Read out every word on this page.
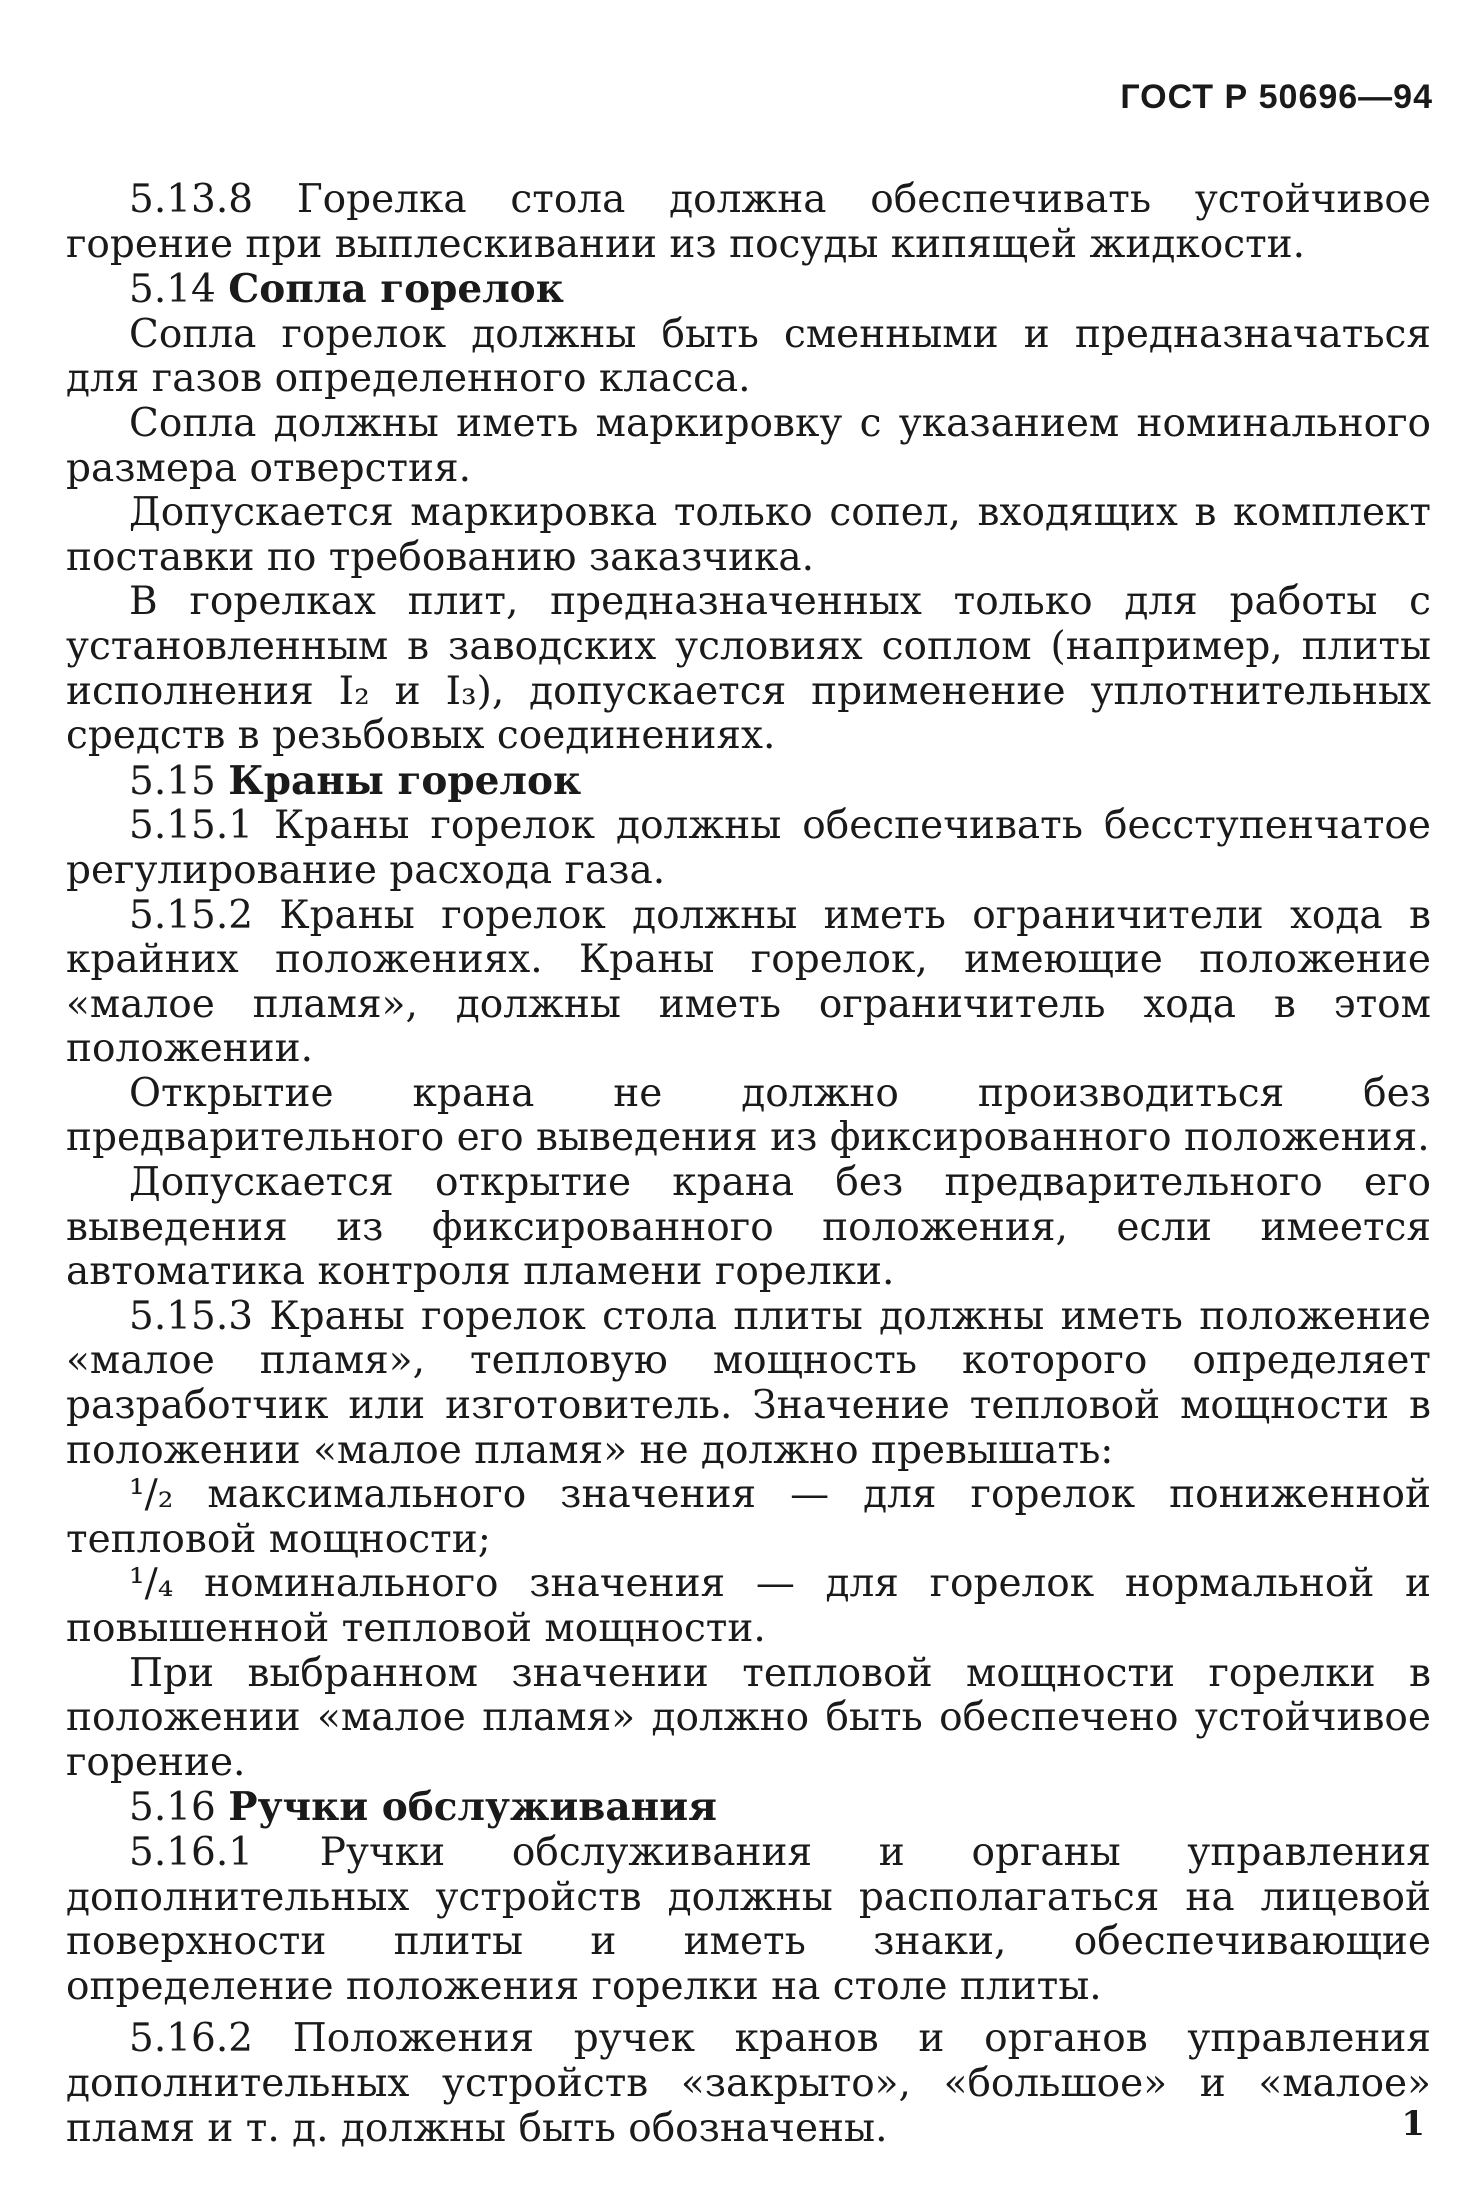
ГОСТ Р 50696—94

5.13.8 Горелка стола должна обеспечивать устойчивое горение при выплескивании из посуды кипящей жидкости.

5.14 Сопла горелок

Сопла горелок должны быть сменными и предназначаться для газов определенного класса.

Сопла должны иметь маркировку с указанием номинального размера отверстия.

Допускается маркировка только сопел, входящих в комплект поставки по требованию заказчика.

В горелках плит, предназначенных только для работы с установленным в заводских условиях соплом (например, плиты исполнения I₂ и I₃), допускается применение уплотнительных средств в резьбовых соединениях.

5.15 Краны горелок

5.15.1 Краны горелок должны обеспечивать бесступенчатое регулирование расхода газа.

5.15.2 Краны горелок должны иметь ограничители хода в крайних положениях. Краны горелок, имеющие положение «малое пламя», должны иметь ограничитель хода в этом положении.

Открытие крана не должно производиться без предварительного его выведения из фиксированного положения.

Допускается открытие крана без предварительного его выведения из фиксированного положения, если имеется автоматика контроля пламени горелки.

5.15.3 Краны горелок стола плиты должны иметь положение «малое пламя», тепловую мощность которого определяет разработчик или изготовитель. Значение тепловой мощности в положении «малое пламя» не должно превышать:

¹/₂ максимального значения — для горелок пониженной тепловой мощности;

¹/₄ номинального значения — для горелок нормальной и повышенной тепловой мощности.

При выбранном значении тепловой мощности горелки в положении «малое пламя» должно быть обеспечено устойчивое горение.

5.16 Ручки обслуживания

5.16.1 Ручки обслуживания и органы управления дополнительных устройств должны располагаться на лицевой поверхности плиты и иметь знаки, обеспечивающие определение положения горелки на столе плиты.

5.16.2 Положения ручек кранов и органов управления дополнительных устройств «закрыто», «большое» и «малое» пламя и т. д. должны быть обозначены.	1
